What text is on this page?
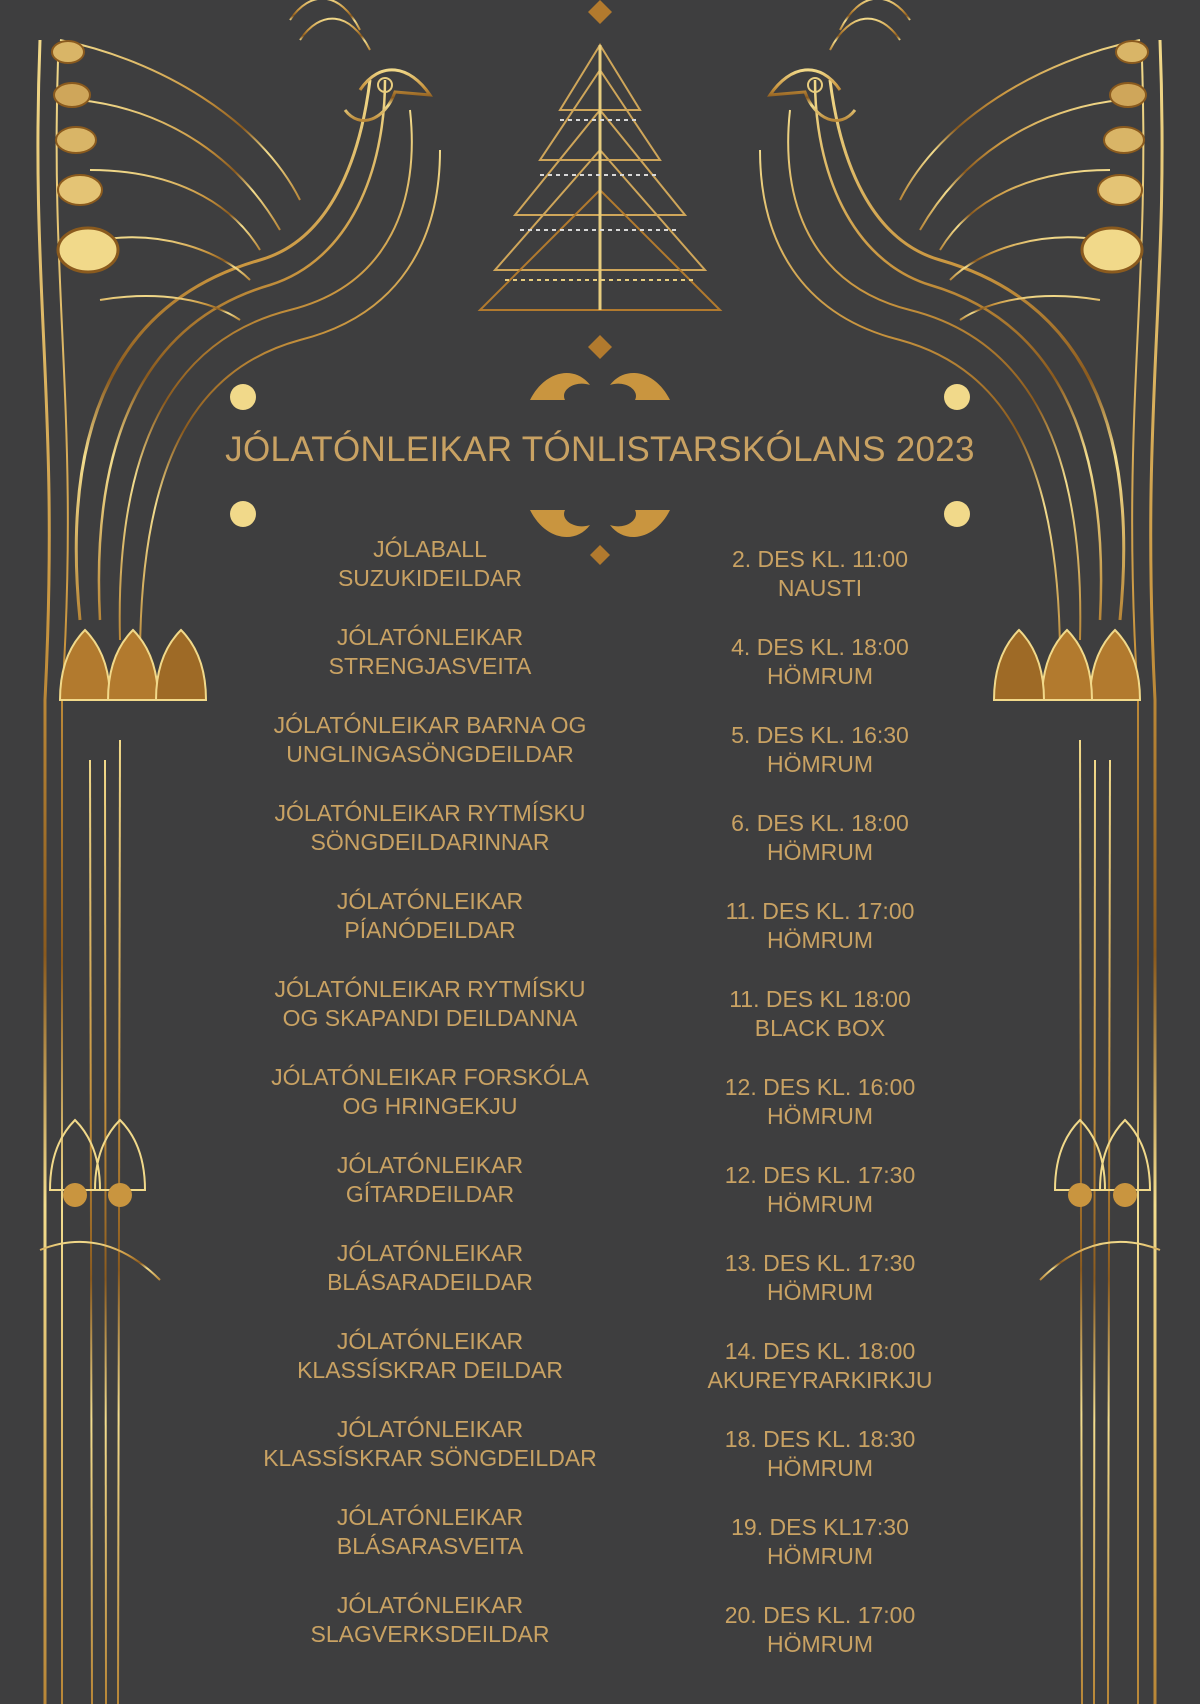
JÓLATÓNLEIKAR TÓNLISTARSKÓLANS 2023
JÓLABALL
SUZUKIDEILDAR
2. DES KL. 11:00
NAUSTI
JÓLATÓNLEIKAR
STRENGJASVEITA
4. DES KL. 18:00
HÖMRUM
JÓLATÓNLEIKAR BARNA OG
UNGLINGASÖNGDEILDAR
5. DES KL. 16:30
HÖMRUM
JÓLATÓNLEIKAR RYTMÍSKU
SÖNGDEILDARINNAR
6. DES KL. 18:00
HÖMRUM
JÓLATÓNLEIKAR
PÍANÓDEILDAR
11. DES KL. 17:00
HÖMRUM
JÓLATÓNLEIKAR RYTMÍSKU
OG SKAPANDI DEILDANNA
11. DES KL 18:00
BLACK BOX
JÓLATÓNLEIKAR FORSKÓLA
OG HRINGEKJU
12. DES KL. 16:00
HÖMRUM
JÓLATÓNLEIKAR
GÍTARDEILDAR
12. DES KL. 17:30
HÖMRUM
JÓLATÓNLEIKAR
BLÁSARADEILDAR
13. DES KL. 17:30
HÖMRUM
JÓLATÓNLEIKAR
KLASSÍSKRAR DEILDAR
14. DES KL. 18:00
AKUREYRARKIRKJU
JÓLATÓNLEIKAR
KLASSÍSKRAR SÖNGDEILDAR
18. DES KL. 18:30
HÖMRUM
JÓLATÓNLEIKAR
BLÁSARASVEITA
19. DES KL17:30
HÖMRUM
JÓLATÓNLEIKAR
SLAGVERKSDEILDAR
20. DES KL. 17:00
HÖMRUM
